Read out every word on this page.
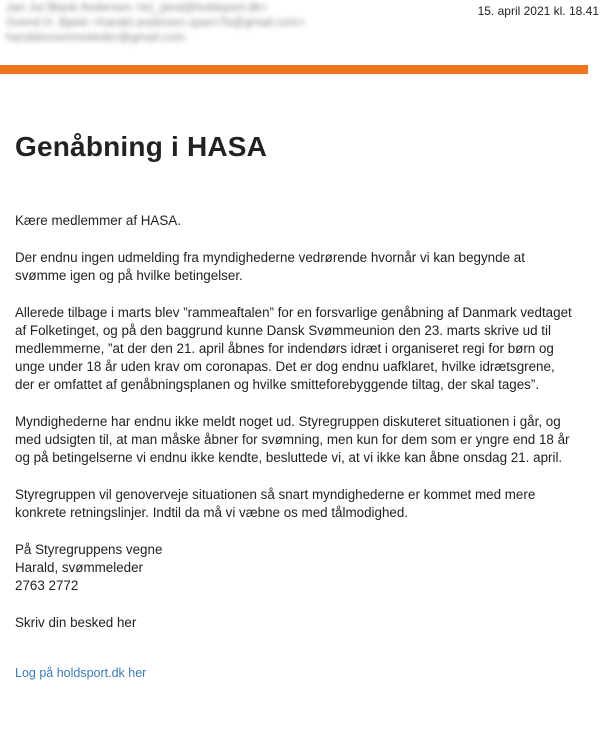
Jan Jul Blank Andersen <kz_jand@holdsport.dk>
Svend H. Bjarki <harald.andersen.sparv7b@gmail.com>
haraldsvoemmeleder@gmail.com
15. april 2021 kl. 18.41
Genåbning i HASA

Kære medlemmer af HASA.

Der endnu ingen udmelding fra myndighederne vedrørende hvornår vi kan begynde at svømme igen og på hvilke betingelser.

Allerede tilbage i marts blev ”rammeaftalen” for en forsvarlige genåbning af Danmark vedtaget af Folketinget, og på den baggrund kunne Dansk Svømmeunion den 23. marts skrive ud til medlemmerne, ”at der den 21. april åbnes for indendørs idræt i organiseret regi for børn og unge under 18 år uden krav om coronapas. Det er dog endnu uafklaret, hvilke idrætsgrene, der er omfattet af genåbningsplanen og hvilke smitteforebyggende tiltag, der skal tages”.

Myndighederne har endnu ikke meldt noget ud. Styregruppen diskuteret situationen i går, og med udsigten til, at man måske åbner for svømning, men kun for dem som er yngre end 18 år og på betingelserne vi endnu ikke kendte, besluttede vi, at vi ikke kan åbne onsdag 21. april.

Styregruppen vil genoverveje situationen så snart myndighederne er kommet med mere konkrete retningslinjer. Indtil da må vi væbne os med tålmodighed.

På Styregruppens vegne
Harald, svømmeleder
2763 2772

Skriv din besked her

Log på holdsport.dk her
